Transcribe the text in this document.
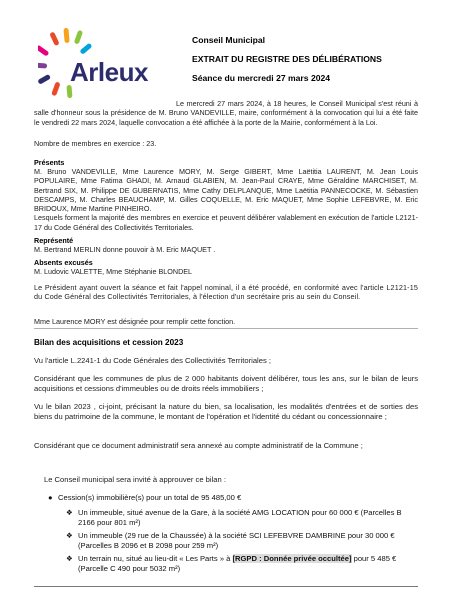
Arleux
Conseil Municipal
EXTRAIT DU REGISTRE DES DÉLIBÉRATIONS
Séance du mercredi 27 mars 2024
Le mercredi 27 mars 2024, à 18 heures, le Conseil Municipal s'est réuni à salle d'honneur sous la présidence de M. Bruno VANDEVILLE, maire, conformément à la convocation qui lui a été faite le vendredi 22 mars 2024, laquelle convocation a été affichée à la porte de la Mairie, conformément à la Loi.
Nombre de membres en exercice : 23.
Présents
M. Bruno VANDEVILLE, Mme Laurence MORY, M. Serge GIBERT, Mme Laëtitia LAURENT, M. Jean Louis POPULAIRE, Mme Fatima GHADI, M. Arnaud GLABIEN, M. Jean-Paul CRAYE, Mme Géraldine MARCHISET, M. Bertrand SIX, M. Philippe DE GUBERNATIS, Mme Cathy DELPLANQUE, Mme Laëtitia PANNECOCKE, M. Sébastien DESCAMPS, M. Charles BEAUCHAMP, M. Gilles COQUELLE, M. Eric MAQUET, Mme Sophie LEFEBVRE, M. Eric BRIDOUX, Mme Martine PINHEIRO.
Lesquels forment la majorité des membres en exercice et peuvent délibérer valablement en exécution de l'article L2121-17 du Code Général des Collectivités Territoriales.
Représenté
M. Bertrand MERLIN donne pouvoir à M. Eric MAQUET .
Absents excusés
M. Ludovic VALETTE, Mme Stéphanie BLONDEL
Le Président ayant ouvert la séance et fait l'appel nominal, il a été procédé, en conformité avec l'article L2121-15 du Code Général des Collectivités Territoriales, à l'élection d'un secrétaire pris au sein du Conseil.
Mme Laurence MORY est désignée pour remplir cette fonction.
Bilan des acquisitions et cession 2023
Vu l'article L.2241-1 du Code Générales des Collectivités Territoriales ;
Considérant que les communes de plus de 2 000 habitants doivent délibérer, tous les ans, sur le bilan de leurs acquisitions et cessions d'immeubles ou de droits réels immobiliers ;
Vu le bilan 2023 , ci-joint, précisant la nature du bien, sa localisation, les modalités d'entrées et de sorties des biens du patrimoine de la commune, le montant de l'opération et l'identité du cédant ou concessionnaire ;
Considérant que ce document administratif sera annexé au compte administratif de la Commune ;
Le Conseil municipal sera invité à approuver ce bilan :
● Cession(s) immobilière(s) pour un total de 95 485,00 €
❖ Un immeuble, situé avenue de la Gare, à la société AMG LOCATION pour 60 000 € (Parcelles B 2166 pour 801 m²)
❖ Un immeuble (29 rue de la Chaussée) à la société SCI LEFEBVRE DAMBRINE pour 30 000 € (Parcelles B 2096 et B 2098 pour 259 m²)
❖ Un terrain nu, situé au lieu-dit « Les Parts » à [RGPD : Donnée privée occultée] pour 5 485 € (Parcelle C 490 pour 5032 m²)
